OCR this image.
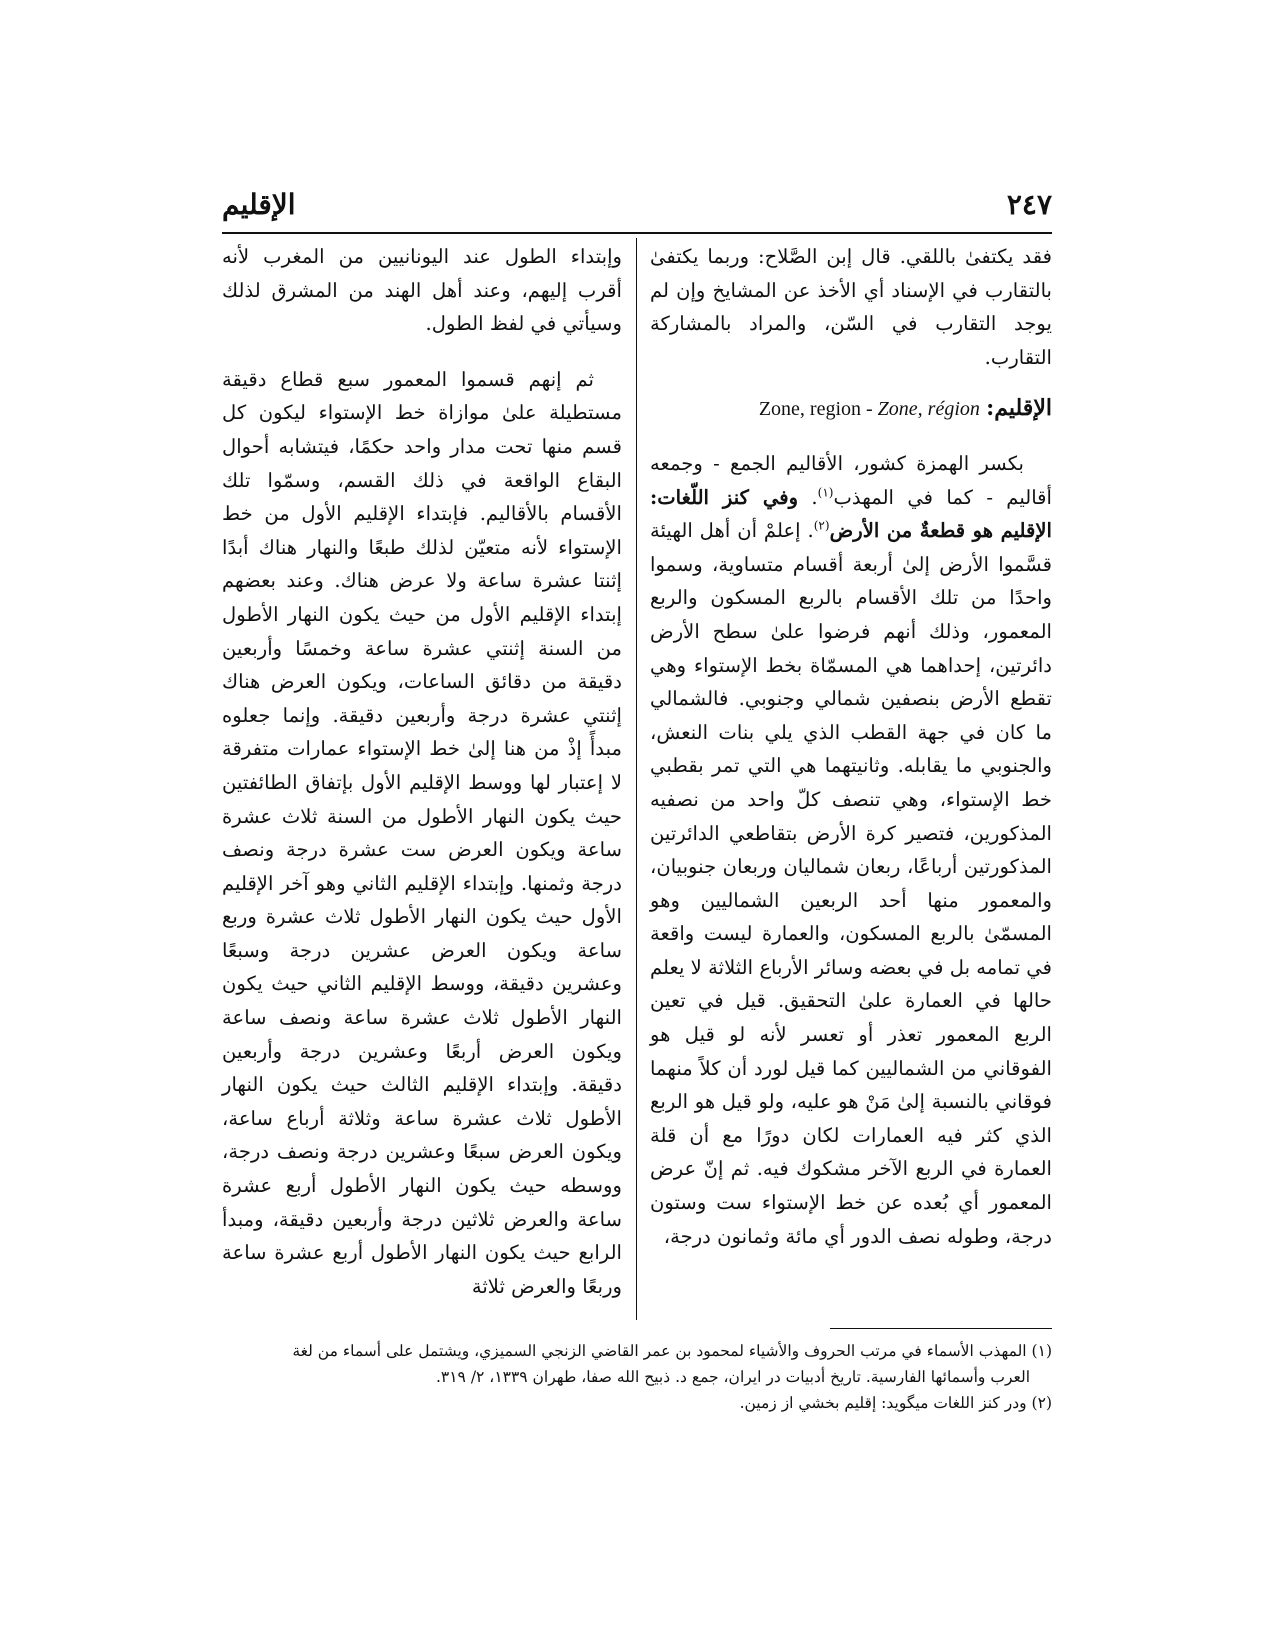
٢٤٧
الإقليم

فقد يكتفىٰ باللقي. قال إبن الصَّلاح: وربما يكتفىٰ بالتقارب في الإسناد أي الأخذ عن المشايخ وإن لم يوجد التقارب في السّن، والمراد بالمشاركة التقارب.

الإقليم: Zone, region - Zone, région

بكسر الهمزة كشور، الأقاليم الجمع - وجمعه أقاليم - كما في المهذب$^{(١)}$. وفي كنز اللّغات: الإقليم هو قطعةٌ من الأرض$^{(٢)}$. إعلمْ أن أهل الهيئة قسَّموا الأرض إلىٰ أربعة أقسام متساوية، وسموا واحدًا من تلك الأقسام بالربع المسكون والربع المعمور، وذلك أنهم فرضوا علىٰ سطح الأرض دائرتين، إحداهما هي المسمّاة بخط الإستواء وهي تقطع الأرض بنصفين شمالي وجنوبي. فالشمالي ما كان في جهة القطب الذي يلي بنات النعش، والجنوبي ما يقابله. وثانيتهما هي التي تمر بقطبي خط الإستواء، وهي تنصف كلّ واحد من نصفيه المذكورين، فتصير كرة الأرض بتقاطعي الدائرتين المذكورتين أرباعًا، ربعان شماليان وربعان جنوبيان، والمعمور منها أحد الربعين الشماليين وهو المسمّىٰ بالربع المسكون، والعمارة ليست واقعة في تمامه بل في بعضه وسائر الأرباع الثلاثة لا يعلم حالها في العمارة علىٰ التحقيق. قيل في تعين الربع المعمور تعذر أو تعسر لأنه لو قيل هو الفوقاني من الشماليين كما قيل لورد أن كلاً منهما فوقاني بالنسبة إلىٰ مَنْ هو عليه، ولو قيل هو الربع الذي كثر فيه العمارات لكان دورًا مع أن قلة العمارة في الربع الآخر مشكوك فيه. ثم إنّ عرض المعمور أي بُعده عن خط الإستواء ست وستون درجة، وطوله نصف الدور أي مائة وثمانون درجة،

وإبتداء الطول عند اليونانيين من المغرب لأنه أقرب إليهم، وعند أهل الهند من المشرق لذلك وسيأتي في لفظ الطول.

ثم إنهم قسموا المعمور سبع قطاع دقيقة مستطيلة علىٰ موازاة خط الإستواء ليكون كل قسم منها تحت مدار واحد حكمًا، فيتشابه أحوال البقاع الواقعة في ذلك القسم، وسمّوا تلك الأقسام بالأقاليم. فإبتداء الإقليم الأول من خط الإستواء لأنه متعيّن لذلك طبعًا والنهار هناك أبدًا إثنتا عشرة ساعة ولا عرض هناك. وعند بعضهم إبتداء الإقليم الأول من حيث يكون النهار الأطول من السنة إثنتي عشرة ساعة وخمسًا وأربعين دقيقة من دقائق الساعات، ويكون العرض هناك إثنتي عشرة درجة وأربعين دقيقة. وإنما جعلوه مبدأً إذْ من هنا إلىٰ خط الإستواء عمارات متفرقة لا إعتبار لها ووسط الإقليم الأول بإتفاق الطائفتين حيث يكون النهار الأطول من السنة ثلاث عشرة ساعة ويكون العرض ست عشرة درجة ونصف درجة وثمنها. وإبتداء الإقليم الثاني وهو آخر الإقليم الأول حيث يكون النهار الأطول ثلاث عشرة وربع ساعة ويكون العرض عشرين درجة وسبعًا وعشرين دقيقة، ووسط الإقليم الثاني حيث يكون النهار الأطول ثلاث عشرة ساعة ونصف ساعة ويكون العرض أربعًا وعشرين درجة وأربعين دقيقة. وإبتداء الإقليم الثالث حيث يكون النهار الأطول ثلاث عشرة ساعة وثلاثة أرباع ساعة، ويكون العرض سبعًا وعشرين درجة ونصف درجة، ووسطه حيث يكون النهار الأطول أربع عشرة ساعة والعرض ثلاثين درجة وأربعين دقيقة، ومبدأ الرابع حيث يكون النهار الأطول أربع عشرة ساعة وربعًا والعرض ثلاثة

(١) المهذب الأسماء في مرتب الحروف والأشياء لمحمود بن عمر القاضي الزنجي السميزي، ويشتمل على أسماء من لغة

العرب وأسمائها الفارسية. تاريخ أدبيات در ايران، جمع د. ذبيح الله صفا، طهران ١٣٣٩، ٢/ ٣١٩.

(٢) ودر كنز اللغات ميگويد: إقليم بخشي از زمين.
